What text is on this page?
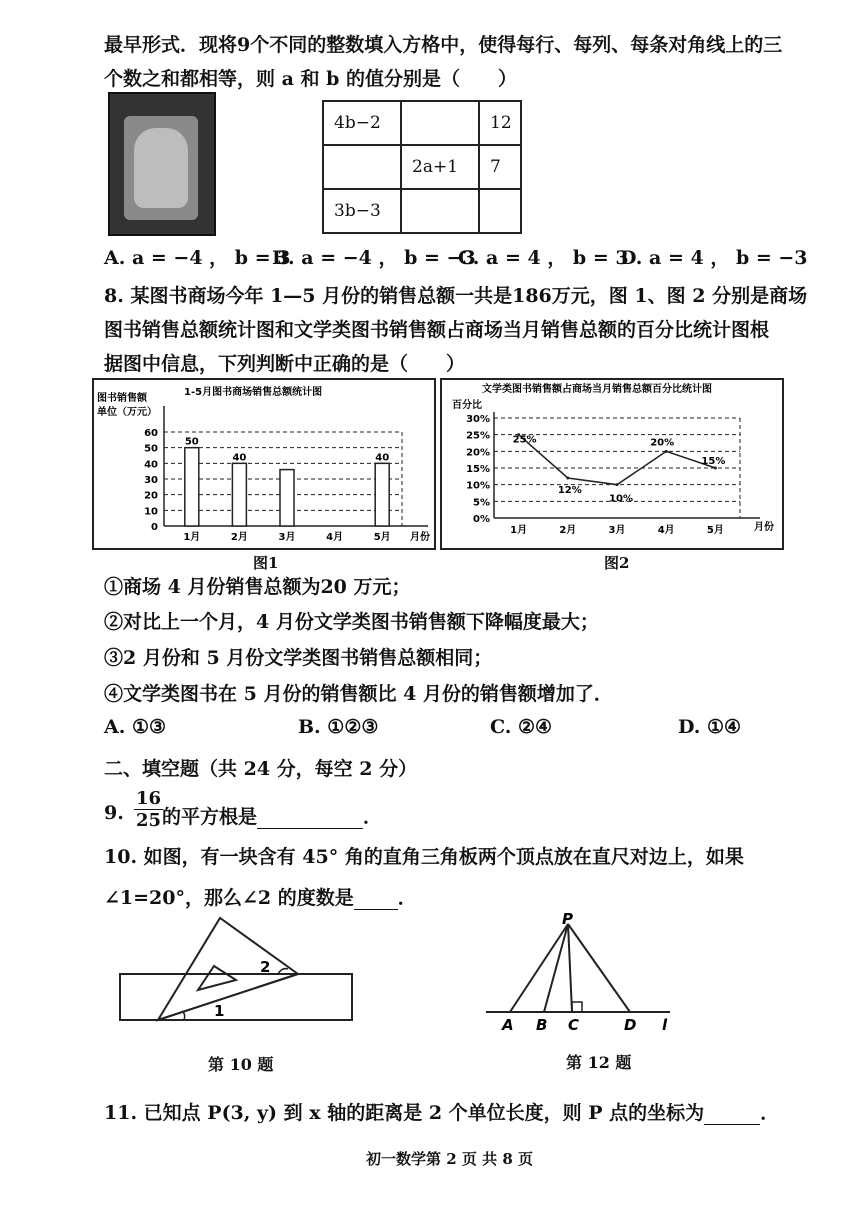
最早形式．现将9个不同的整数填入方格中，使得每行、每列、每条对角线上的三
个数之和都相等，则 a 和 b 的值分别是（　　）
4b−2		12
	2a+1	7
3b−3		
A. a = −4 ， b = 3
B. a = −4 ， b = −3
C. a = 4 ， b = 3
D. a = 4 ， b = −3
8. 某图书商场今年 1—5 月份的销售总额一共是186万元，图 1、图 2 分别是商场
图书销售总额统计图和文学类图书销售额占商场当月销售总额的百分比统计图根
据图中信息，下列判断中正确的是（　　）
1-5月图书商场销售总额统计图
图书销售额
单位（万元）
0
10
20
30
40
50
60
50
1月
40
2月	3月	4月
40
5月 月份
文学类图书销售额占商场当月销售总额百分比统计图
百分比
0%
5%
10%
15%
20%
25%
30%
25%
1月
12%
2月
10%
3月
20%
4月
15%
5月	月份
图1	图2
①商场 4 月份销售总额为20 万元；
②对比上一个月，4 月份文学类图书销售额下降幅度最大；
③2 月份和 5 月份文学类图书销售总额相同；
④文学类图书在 5 月份的销售额比 4 月份的销售额增加了．
A. ①③	B. ①②③	C. ②④	D. ①④
二、填空题（共 24 分，每空 2 分）
9. $\frac{16}{25}$
的平方根是	．
10. 如图，有一块含有 45° 角的直角三角板两个顶点放在直尺对边上，如果
∠1=20°，那么∠2 的度数是 ．
2
1
第 10 题
P
A B C	D l
第 12 题
11. 已知点 P(3, y) 到 x 轴的距离是 2 个单位长度，则 P 点的坐标为	．
初一数学第 2 页 共 8 页
